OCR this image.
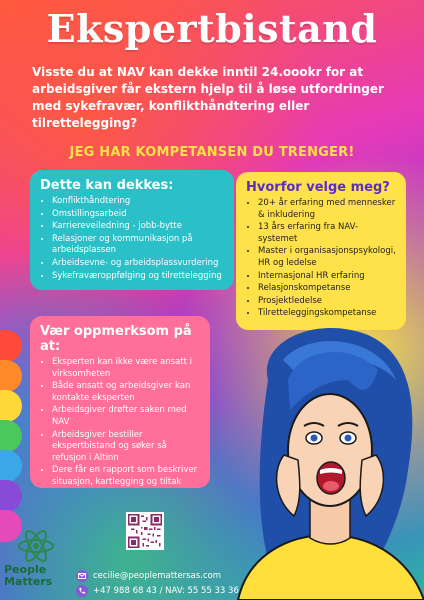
Ekspertbistand
Visste du at NAV kan dekke inntil 24.oookr for at arbeidsgiver får ekstern hjelp til å løse utfordringer med sykefravær, konflikthåndtering eller tilrettelegging?
JEG HAR KOMPETANSEN DU TRENGER!
Dette kan dekkes:
• Konflikthåndtering
• Omstillingsarbeid
• Karriereveiledning - jobb-bytte
• Relasjoner og kommunikasjon på arbeidsplassen
• Arbeidsevne- og arbeidsplassvurdering
• Sykefraværoppfølging og tilrettelegging
Hvorfor velge meg?
• 20+ år erfaring med mennesker & inkludering
• 13 års erfaring fra NAV-systemet
• Master i organisasjonspsykologi, HR og ledelse
• Internasjonal HR erfaring
• Relasjonskompetanse
• Prosjektledelse
• Tilretteleggingskompetanse
Vær oppmerksom på at:
• Eksperten kan ikke være ansatt i virksomheten
• Både ansatt og arbeidsgiver kan kontakte eksperten
• Arbeidsgiver drøfter saken med NAV
• Arbeidsgiver bestiller ekspertbistand og søker så refusjon i Altinn
• Dere får en rapport som beskriver situasjon, kartlegging og tiltak
People
Matters	cecilie@peoplemattersas.com
+47 988 68 43 / NAV: 55 55 33 36
